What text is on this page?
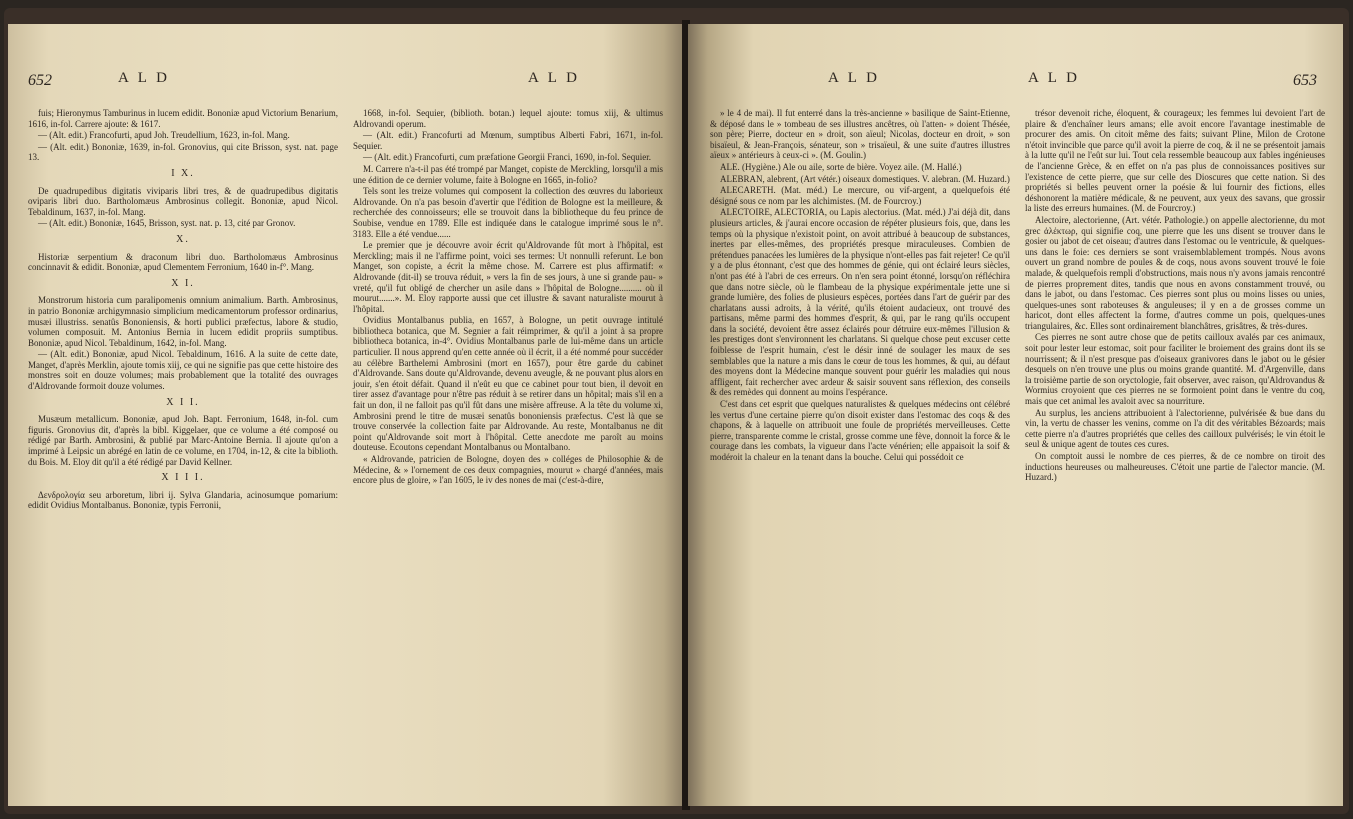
652	A L D	A L D

fuis; Hieronymus Tamburinus in lucem edidit. Bononiæ apud Victorium Benarium, 1616, in-fol. Carrere ajoute: & 1617.

— (Alt. edit.) Francofurti, apud Joh. Treudellium, 1623, in-fol. Mang.

— (Alt. edit.) Bononiæ, 1639, in-fol. Gronovius, qui cite Brisson, syst. nat. page 13.

I X.

De quadrupedibus digitatis viviparis libri tres, & de quadrupedibus digitatis oviparis libri duo. Bartholomæus Ambrosinus collegit. Bononiæ, apud Nicol. Tebaldinum, 1637, in-fol. Mang.

— (Alt. edit.) Bononiæ, 1645, Brisson, syst. nat. p. 13, cité par Gronov.

X.

Historiæ serpentium & draconum libri duo. Bartholomæus Ambrosinus concinnavit & edidit. Bononiæ, apud Clementem Ferronium, 1640 in-f°. Mang.

X I.

Monstrorum historia cum paralipomenis omnium animalium. Barth. Ambrosinus, in patrio Bononiæ archigymnasio simplicium medicamentorum professor ordinarius, musæi illustriss. senatûs Bononiensis, & horti publici præfectus, labore & studio, volumen composuit. M. Antonius Bernia in lucem edidit propriis sumptibus. Bononiæ, apud Nicol. Tebaldinum, 1642, in-fol. Mang.

— (Alt. edit.) Bononiæ, apud Nicol. Tebaldinum, 1616. A la suite de cette date, Manget, d'après Merklin, ajoute tomis xiij, ce qui ne signifie pas que cette histoire des monstres soit en douze volumes; mais probablement que la totalité des ouvrages d'Aldrovande formoit douze volumes.

X I I.

Musæum metallicum. Bononiæ, apud Joh. Bapt. Ferronium, 1648, in-fol. cum figuris. Gronovius dit, d'après la bibl. Kiggelaer, que ce volume a été composé ou rédigé par Barth. Ambrosini, & publié par Marc-Antoine Bernia. Il ajoute qu'on a imprimé à Leipsic un abrégé en latin de ce volume, en 1704, in-12, & cite la biblioth. du Bois. M. Eloy dit qu'il a été rédigé par David Kellner.

X I I I.

Δενδρολογία seu arboretum, libri ij. Sylva Glandaria, acinosumque pomarium: edidit Ovidius Montalbanus. Bononiæ, typis Ferronii,

1668, in-fol. Sequier, (biblioth. botan.) lequel ajoute: tomus xiij, & ultimus Aldrovandi operum.

— (Alt. edit.) Francofurti ad Mœnum, sumptibus Alberti Fabri, 1671, in-fol. Sequier.

— (Alt. edit.) Francofurti, cum præfatione Georgii Franci, 1690, in-fol. Sequier.

M. Carrere n'a-t-il pas été trompé par Manget, copiste de Merckling, lorsqu'il a mis une édition de ce dernier volume, faite à Bologne en 1665, in-folio?

Tels sont les treize volumes qui composent la collection des œuvres du laborieux Aldrovande. On n'a pas besoin d'avertir que l'édition de Bologne est la meilleure, & recherchée des connoisseurs; elle se trouvoit dans la bibliotheque du feu prince de Soubise, vendue en 1789. Elle est indiquée dans le catalogue imprimé sous le n°. 3183. Elle a été vendue......

Le premier que je découvre avoir écrit qu'Aldrovande fût mort à l'hôpital, est Merckling; mais il ne l'affirme point, voici ses termes: Ut nonnulli referunt. Le bon Manget, son copiste, a écrit la même chose. M. Carrere est plus affirmatif: « Aldrovande (dit-il) se trouva réduit, » vers la fin de ses jours, à une si grande pau- » vreté, qu'il fut obligé de chercher un asile dans » l'hôpital de Bologne.......... où il mourut.......». M. Eloy rapporte aussi que cet illustre & savant naturaliste mourut à l'hôpital.

Ovidius Montalbanus publia, en 1657, à Bologne, un petit ouvrage intitulé bibliotheca botanica, que M. Segnier a fait réimprimer, & qu'il a joint à sa propre bibliotheca botanica, in-4°. Ovidius Montalbanus parle de lui-même dans un article particulier. Il nous apprend qu'en cette année où il écrit, il a été nommé pour succéder au célèbre Barthelemi Ambrosini (mort en 1657), pour être garde du cabinet d'Aldrovande. Sans doute qu'Aldrovande, devenu aveugle, & ne pouvant plus alors en jouir, s'en étoit défait. Quand il n'eût eu que ce cabinet pour tout bien, il devoit en tirer assez d'avantage pour n'être pas réduit à se retirer dans un hôpital; mais s'il en a fait un don, il ne falloit pas qu'il fût dans une misère affreuse. A la tête du volume xi, Ambrosini prend le titre de musæi senatûs bononiensis præfectus. C'est là que se trouve conservée la collection faite par Aldrovande. Au reste, Montalbanus ne dit point qu'Aldrovande soit mort à l'hôpital. Cette anecdote me paroît au moins douteuse. Ecoutons cependant Montalbanus ou Montalbano.

« Aldrovande, patricien de Bologne, doyen des » colléges de Philosophie & de Médecine, & » l'ornement de ces deux compagnies, mourut » chargé d'années, mais encore plus de gloire, » l'an 1605, le iv des nones de mai (c'est-à-dire,

A L D	A L D	653

» le 4 de mai). Il fut enterré dans la très-ancienne » basilique de Saint-Etienne, & déposé dans le » tombeau de ses illustres ancêtres, où l'atten- » doient Thésée, son père; Pierre, docteur en » droit, son aïeul; Nicolas, docteur en droit, » son bisaïeul, & Jean-François, sénateur, son » trisaïeul, & une suite d'autres illustres aïeux » antérieurs à ceux-ci ». (M. Goulin.)

ALE. (Hygiène.) Ale ou aile, sorte de bière. Voyez aile. (M. Hallé.)

ALEBRAN, alebrent, (Art vétér.) oiseaux domestiques. V. alebran. (M. Huzard.)

ALECARETH. (Mat. méd.) Le mercure, ou vif-argent, a quelquefois été désigné sous ce nom par les alchimistes. (M. de Fourcroy.)

ALECTOIRE, ALECTORIA, ou Lapis alectorius. (Mat. méd.) J'ai déjà dit, dans plusieurs articles, & j'aurai encore occasion de répéter plusieurs fois, que, dans les temps où la physique n'existoit point, on avoit attribué à beaucoup de substances, inertes par elles-mêmes, des propriétés presque miraculeuses. Combien de prétendues panacées les lumières de la physique n'ont-elles pas fait rejeter! Ce qu'il y a de plus étonnant, c'est que des hommes de génie, qui ont éclairé leurs siècles, n'ont pas été à l'abri de ces erreurs. On n'en sera point étonné, lorsqu'on réfléchira que dans notre siècle, où le flambeau de la physique expérimentale jette une si grande lumière, des folies de plusieurs espèces, portées dans l'art de guérir par des charlatans aussi adroits, à la vérité, qu'ils étoient audacieux, ont trouvé des partisans, même parmi des hommes d'esprit, & qui, par le rang qu'ils occupent dans la société, devoient être assez éclairés pour détruire eux-mêmes l'illusion & les prestiges dont s'environnent les charlatans. Si quelque chose peut excuser cette foiblesse de l'esprit humain, c'est le désir inné de soulager les maux de ses semblables que la nature a mis dans le cœur de tous les hommes, & qui, au défaut des moyens dont la Médecine manque souvent pour guérir les maladies qui nous affligent, fait rechercher avec ardeur & saisir souvent sans réflexion, des conseils & des remèdes qui donnent au moins l'espérance.

C'est dans cet esprit que quelques naturalistes & quelques médecins ont célébré les vertus d'une certaine pierre qu'on disoit exister dans l'estomac des coqs & des chapons, & à laquelle on attribuoit une foule de propriétés merveilleuses. Cette pierre, transparente comme le cristal, grosse comme une fève, donnoit la force & le courage dans les combats, la vigueur dans l'acte vénérien; elle appaisoit la soif & modéroit la chaleur en la tenant dans la bouche. Celui qui possédoit ce

trésor devenoit riche, éloquent, & courageux; les femmes lui devoient l'art de plaire & d'enchaîner leurs amans; elle avoit encore l'avantage inestimable de procurer des amis. On citoit même des faits; suivant Pline, Milon de Crotone n'étoit invincible que parce qu'il avoit la pierre de coq, & il ne se présentoit jamais à la lutte qu'il ne l'eût sur lui. Tout cela ressemble beaucoup aux fables ingénieuses de l'ancienne Grèce, & en effet on n'a pas plus de connoissances positives sur l'existence de cette pierre, que sur celle des Dioscures que cette nation. Si des propriétés si belles peuvent orner la poésie & lui fournir des fictions, elles déshonorent la matière médicale, & ne peuvent, aux yeux des savans, que grossir la liste des erreurs humaines. (M. de Fourcroy.)

Alectoire, alectorienne, (Art. vétér. Pathologie.) on appelle alectorienne, du mot grec ἀλέκτωρ, qui signifie coq, une pierre que les uns disent se trouver dans le gosier ou jabot de cet oiseau; d'autres dans l'estomac ou le ventricule, & quelques-uns dans le foie: ces derniers se sont vraisemblablement trompés. Nous avons ouvert un grand nombre de poules & de coqs, nous avons souvent trouvé le foie malade, & quelquefois rempli d'obstructions, mais nous n'y avons jamais rencontré de pierres proprement dites, tandis que nous en avons constamment trouvé, ou dans le jabot, ou dans l'estomac. Ces pierres sont plus ou moins lisses ou unies, quelques-unes sont raboteuses & anguleuses; il y en a de grosses comme un haricot, dont elles affectent la forme, d'autres comme un pois, quelques-unes triangulaires, &c. Elles sont ordinairement blanchâtres, grisâtres, & très-dures.

Ces pierres ne sont autre chose que de petits cailloux avalés par ces animaux, soit pour lester leur estomac, soit pour faciliter le broiement des grains dont ils se nourrissent; & il n'est presque pas d'oiseaux granivores dans le jabot ou le gésier desquels on n'en trouve une plus ou moins grande quantité. M. d'Argenville, dans la troisième partie de son oryctologie, fait observer, avec raison, qu'Aldrovandus & Wormius croyoient que ces pierres ne se formoient point dans le ventre du coq, mais que cet animal les avaloit avec sa nourriture.

Au surplus, les anciens attribuoient à l'alectorienne, pulvérisée & bue dans du vin, la vertu de chasser les venins, comme on l'a dit des véritables Bézoards; mais cette pierre n'a d'autres propriétés que celles des cailloux pulvérisés; le vin étoit le seul & unique agent de toutes ces cures.

On comptoit aussi le nombre de ces pierres, & de ce nombre on tiroit des inductions heureuses ou malheureuses. C'étoit une partie de l'alector mancie. (M. Huzard.)
